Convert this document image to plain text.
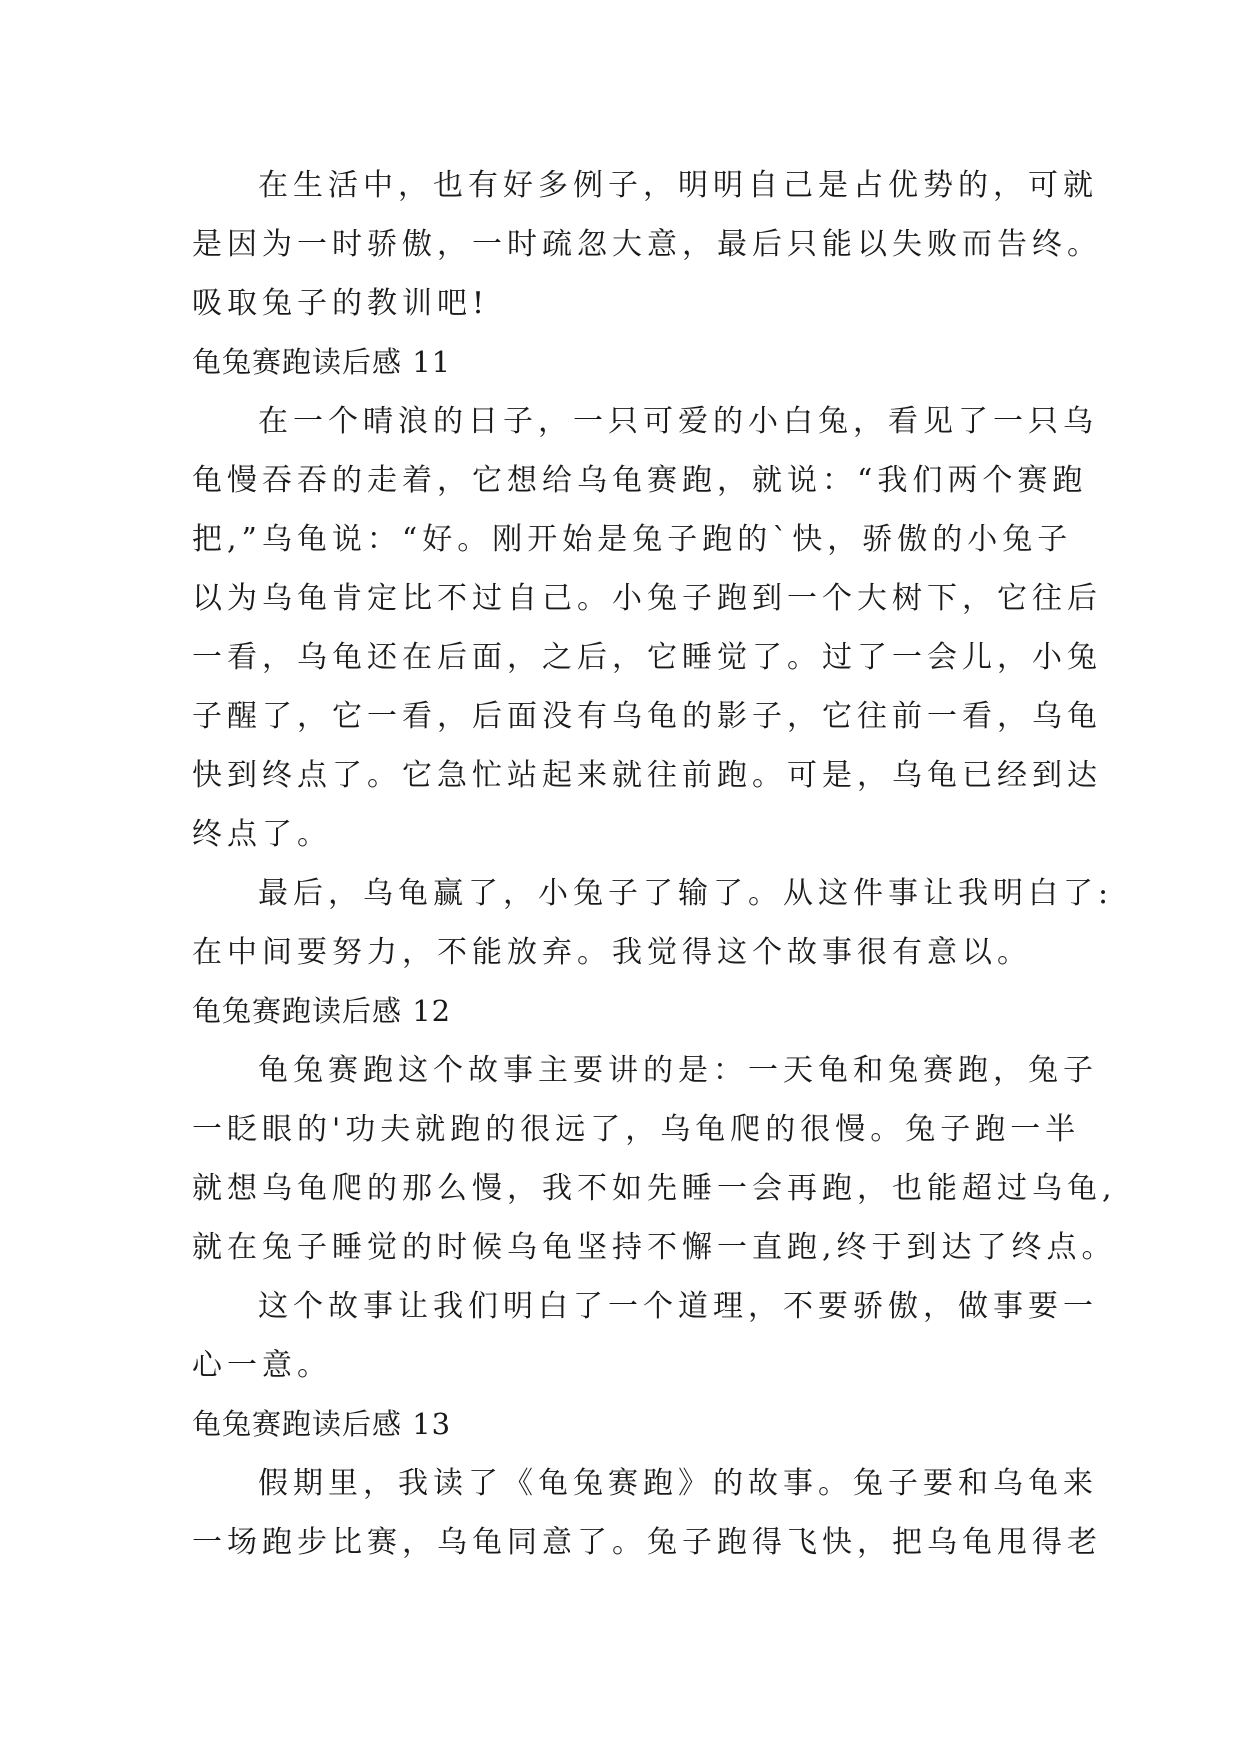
在生活中，也有好多例子，明明自己是占优势的，可就
是因为一时骄傲，一时疏忽大意，最后只能以失败而告终。
吸取兔子的教训吧!
龟兔赛跑读后感 11
在一个晴浪的日子，一只可爱的小白兔，看见了一只乌
龟慢吞吞的走着，它想给乌龟赛跑，就说：“我们两个赛跑
把,”乌龟说：“好。刚开始是兔子跑的`快，骄傲的小兔子
以为乌龟肯定比不过自己。小兔子跑到一个大树下，它往后
一看，乌龟还在后面，之后，它睡觉了。过了一会儿，小兔
子醒了，它一看，后面没有乌龟的影子，它往前一看，乌龟
快到终点了。它急忙站起来就往前跑。可是，乌龟已经到达
终点了。
最后，乌龟赢了，小兔子了输了。从这件事让我明白了:
在中间要努力，不能放弃。我觉得这个故事很有意以。
龟兔赛跑读后感 12
龟兔赛跑这个故事主要讲的是：一天龟和兔赛跑，兔子
一眨眼的'功夫就跑的很远了，乌龟爬的很慢。兔子跑一半
就想乌龟爬的那么慢，我不如先睡一会再跑，也能超过乌龟,
就在兔子睡觉的时候乌龟坚持不懈一直跑,终于到达了终点。
这个故事让我们明白了一个道理，不要骄傲，做事要一
心一意。
龟兔赛跑读后感 13
假期里，我读了《龟兔赛跑》的故事。兔子要和乌龟来
一场跑步比赛，乌龟同意了。兔子跑得飞快，把乌龟甩得老
